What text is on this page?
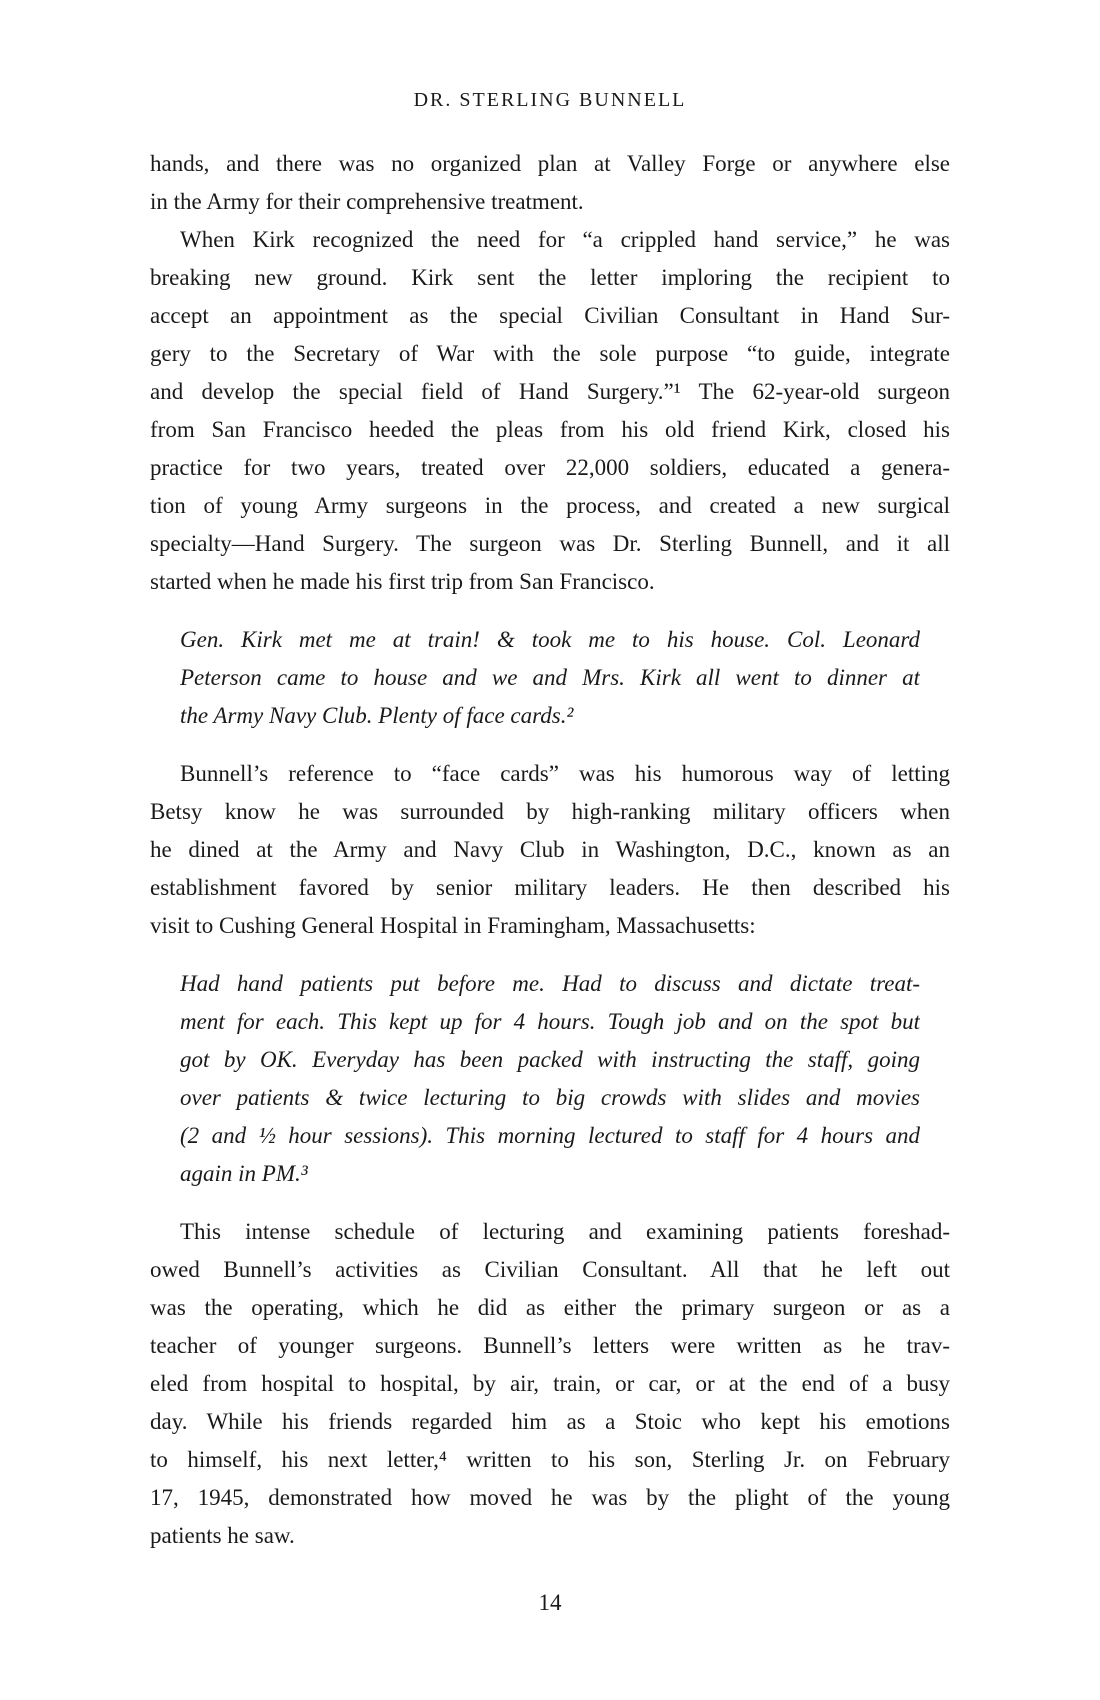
DR. STERLING BUNNELL
hands, and there was no organized plan at Valley Forge or anywhere else
in the Army for their comprehensive treatment.
When Kirk recognized the need for “a crippled hand service,” he was
breaking new ground. Kirk sent the letter imploring the recipient to
accept an appointment as the special Civilian Consultant in Hand Sur-
gery to the Secretary of War with the sole purpose “to guide, integrate
and develop the special field of Hand Surgery.”¹ The 62-year-old surgeon
from San Francisco heeded the pleas from his old friend Kirk, closed his
practice for two years, treated over 22,000 soldiers, educated a genera-
tion of young Army surgeons in the process, and created a new surgical
specialty—Hand Surgery. The surgeon was Dr. Sterling Bunnell, and it all
started when he made his first trip from San Francisco.
Gen. Kirk met me at train! & took me to his house. Col. Leonard
Peterson came to house and we and Mrs. Kirk all went to dinner at
the Army Navy Club. Plenty of face cards.²
Bunnell’s reference to “face cards” was his humorous way of letting
Betsy know he was surrounded by high-ranking military officers when
he dined at the Army and Navy Club in Washington, D.C., known as an
establishment favored by senior military leaders. He then described his
visit to Cushing General Hospital in Framingham, Massachusetts:
Had hand patients put before me. Had to discuss and dictate treat-
ment for each. This kept up for 4 hours. Tough job and on the spot but
got by OK. Everyday has been packed with instructing the staff, going
over patients & twice lecturing to big crowds with slides and movies
(2 and ½ hour sessions). This morning lectured to staff for 4 hours and
again in PM.³
This intense schedule of lecturing and examining patients foreshad-
owed Bunnell’s activities as Civilian Consultant. All that he left out
was the operating, which he did as either the primary surgeon or as a
teacher of younger surgeons. Bunnell’s letters were written as he trav-
eled from hospital to hospital, by air, train, or car, or at the end of a busy
day. While his friends regarded him as a Stoic who kept his emotions
to himself, his next letter,⁴ written to his son, Sterling Jr. on February
17, 1945, demonstrated how moved he was by the plight of the young
patients he saw.
14
